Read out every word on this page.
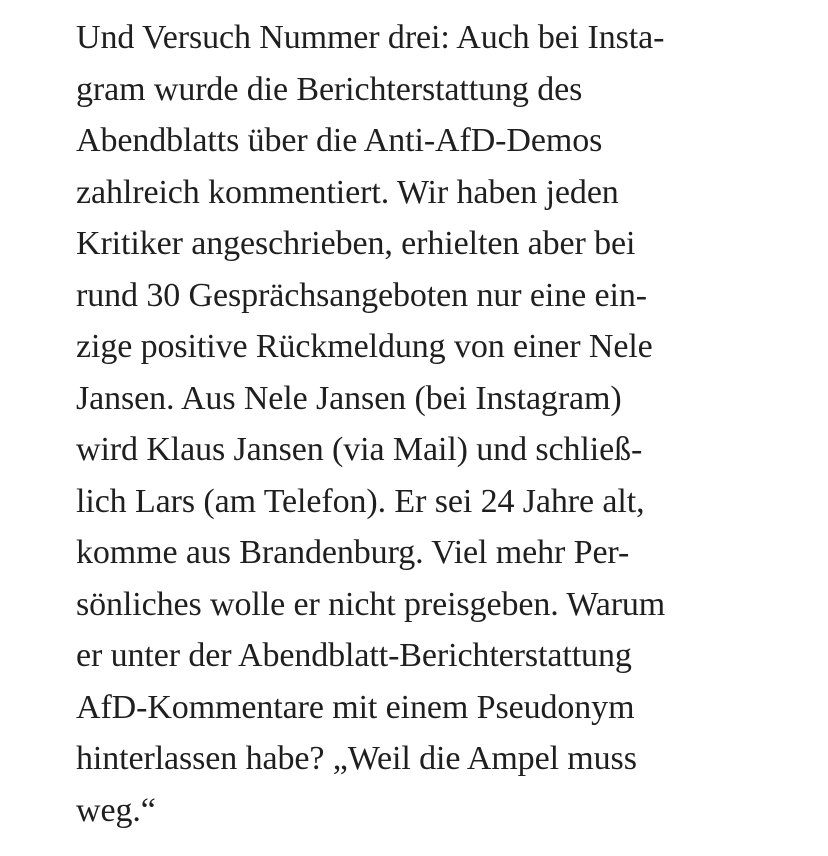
Und Versuch Nummer drei: Auch bei Insta-
gram wurde die Berichterstattung des
Abendblatts über die Anti-AfD-Demos
zahlreich kommentiert. Wir haben jeden
Kritiker angeschrieben, erhielten aber bei
rund 30 Gesprächsangeboten nur eine ein-
zige positive Rückmeldung von einer Nele
Jansen. Aus Nele Jansen (bei Instagram)
wird Klaus Jansen (via Mail) und schließ-
lich Lars (am Telefon). Er sei 24 Jahre alt,
komme aus Brandenburg. Viel mehr Per-
sönliches wolle er nicht preisgeben. Warum
er unter der Abendblatt-Berichterstattung
AfD-Kommentare mit einem Pseudonym
hinterlassen habe? „Weil die Ampel muss
weg.“
